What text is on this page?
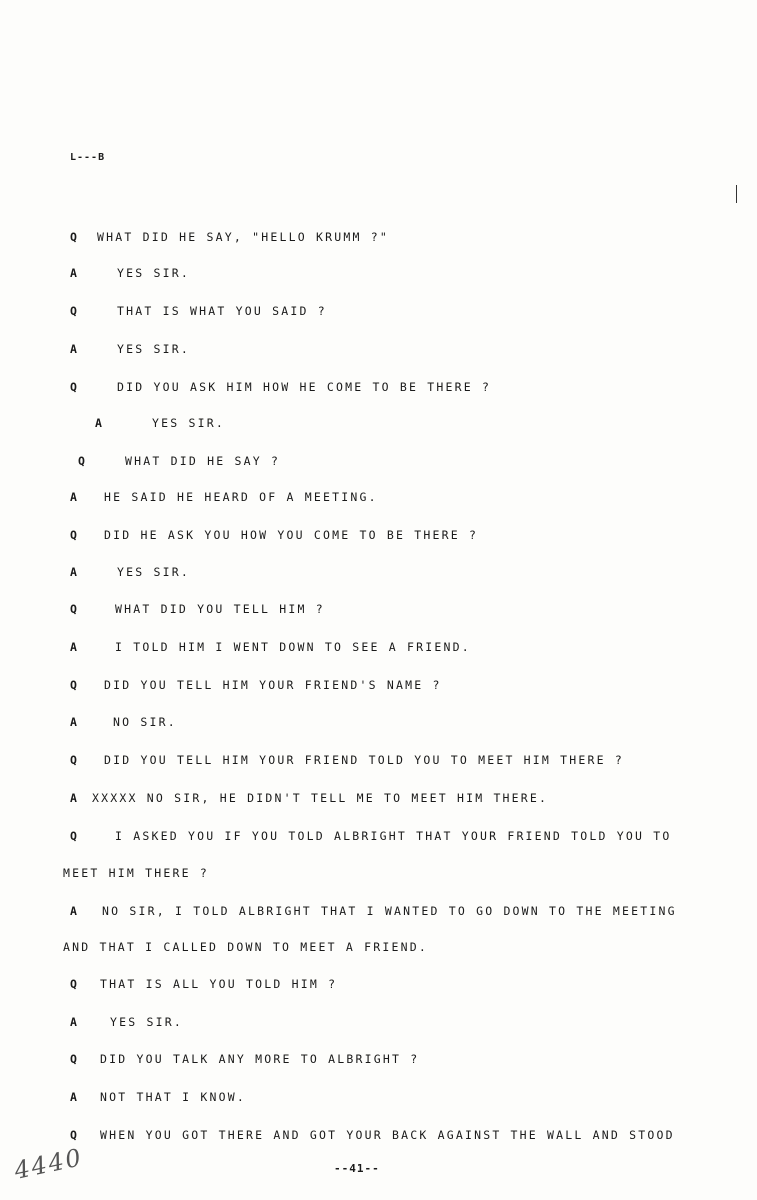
L---B
Q WHAT DID HE SAY, "HELLO KRUMM ?"
A	YES SIR.
Q	THAT IS WHAT YOU SAID ?
A	YES SIR.
Q	DID YOU ASK HIM HOW HE COME TO BE THERE ?
A	YES SIR.
Q	WHAT DID HE SAY ?
A HE SAID HE HEARD OF A MEETING.
Q DID HE ASK YOU HOW YOU COME TO BE THERE ?
A	YES SIR.
Q	WHAT DID YOU TELL HIM ?
A	I TOLD HIM I WENT DOWN TO SEE A FRIEND.
Q DID YOU TELL HIM YOUR FRIEND'S NAME ?
A	NO SIR.
Q DID YOU TELL HIM YOUR FRIEND TOLD YOU TO MEET HIM THERE ?
A XXXXX NO SIR, HE DIDN'T TELL ME TO MEET HIM THERE.
Q	I ASKED YOU IF YOU TOLD ALBRIGHT THAT YOUR FRIEND TOLD YOU TO
MEET HIM THERE ?
A NO SIR, I TOLD ALBRIGHT THAT I WANTED TO GO DOWN TO THE MEETING
AND THAT I CALLED DOWN TO MEET A FRIEND.
Q THAT IS ALL YOU TOLD HIM ?
A	YES SIR.
Q DID YOU TALK ANY MORE TO ALBRIGHT ?
A NOT THAT I KNOW.
Q WHEN YOU GOT THERE AND GOT YOUR BACK AGAINST THE WALL AND STOOD
--41--
4440
